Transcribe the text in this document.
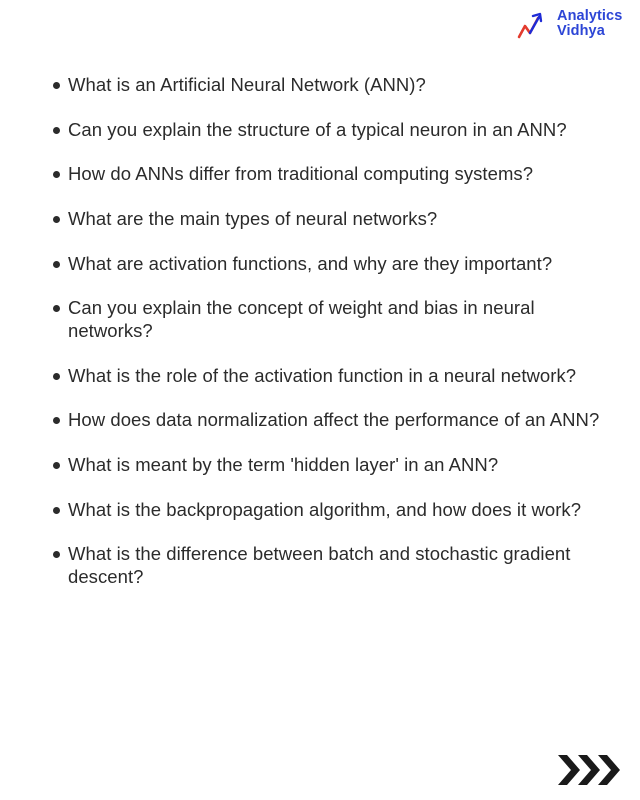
Analytics
Vidhya
What is an Artificial Neural Network (ANN)?
Can you explain the structure of a typical neuron in an ANN?
How do ANNs differ from traditional computing systems?
What are the main types of neural networks?
What are activation functions, and why are they important?
Can you explain the concept of weight and bias in neural networks?
What is the role of the activation function in a neural network?
How does data normalization affect the performance of an ANN?
What is meant by the term 'hidden layer' in an ANN?
What is the backpropagation algorithm, and how does it work?
What is the difference between batch and stochastic gradient descent?
